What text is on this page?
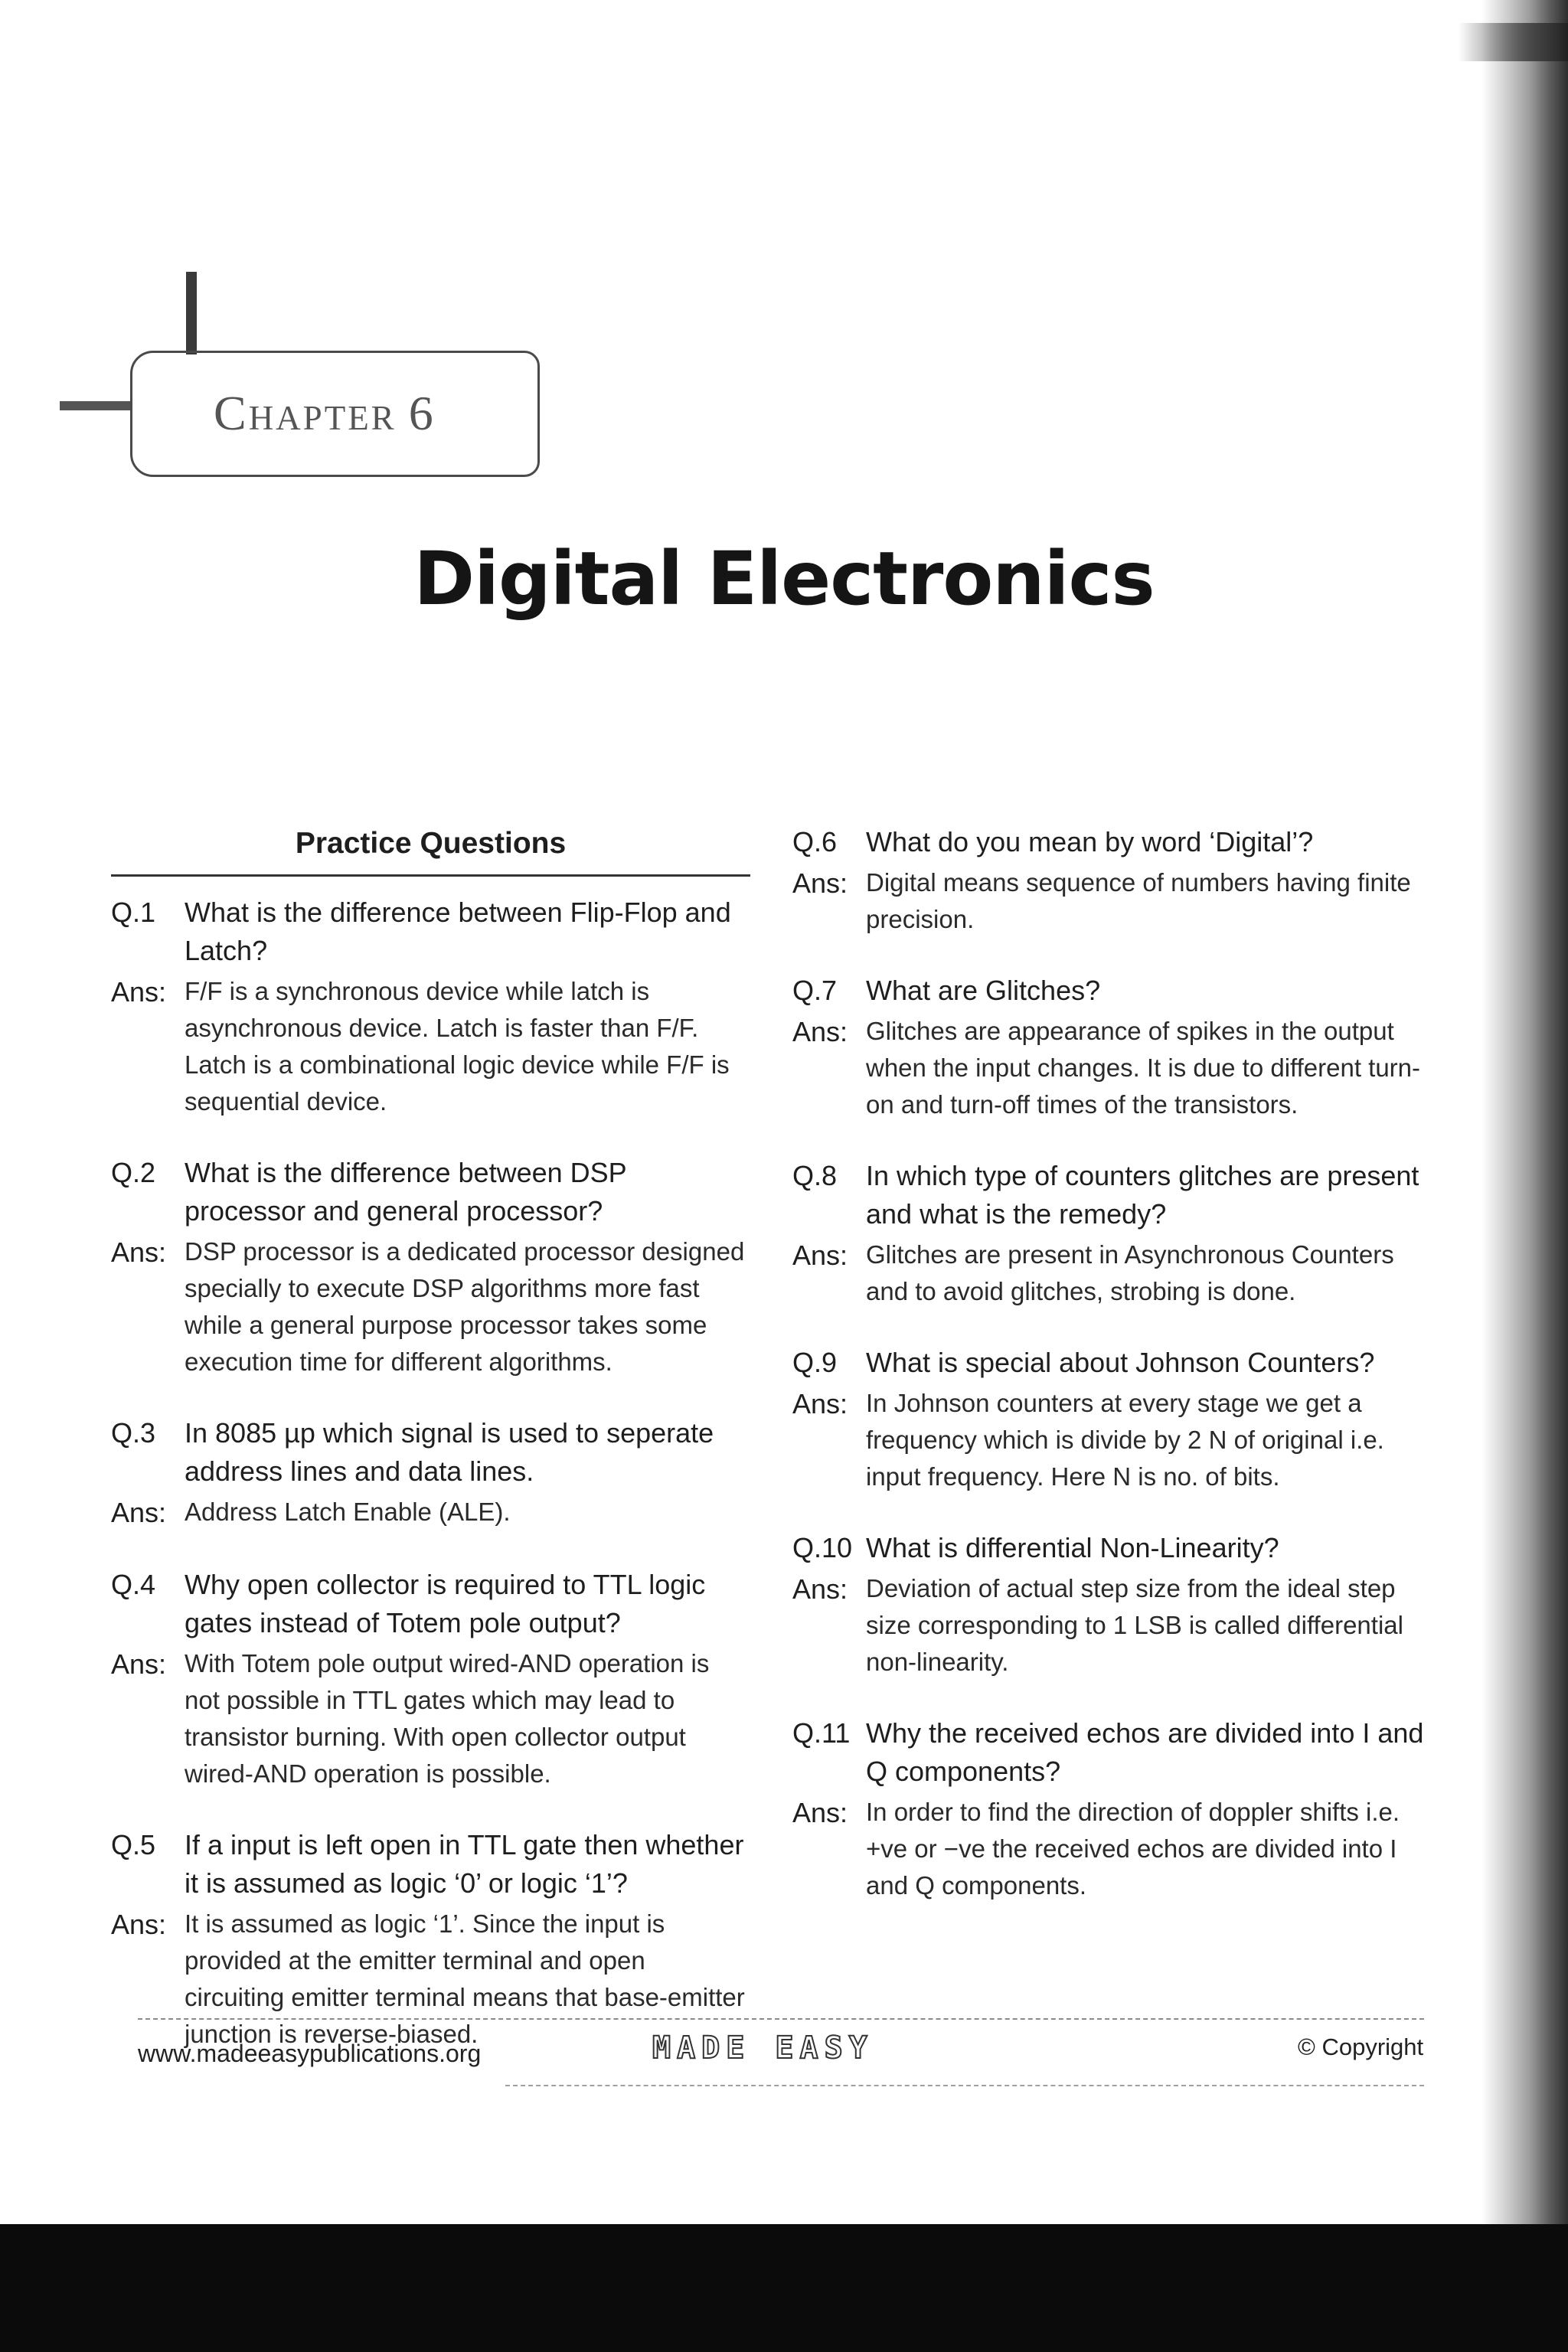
Chapter 6
Digital Electronics
Practice Questions
Q.1	What is the difference between Flip-Flop and Latch?
Ans: F/F is a synchronous device while latch is asynchronous device. Latch is faster than F/F. Latch is a combinational logic device while F/F is sequential device.
Q.2	What is the difference between DSP processor and general processor?
Ans: DSP processor is a dedicated processor designed specially to execute DSP algorithms more fast while a general purpose processor takes some execution time for different algorithms.
Q.3	In 8085 µp which signal is used to seperate address lines and data lines.
Ans: Address Latch Enable (ALE).
Q.4	Why open collector is required to TTL logic gates instead of Totem pole output?
Ans: With Totem pole output wired-AND operation is not possible in TTL gates which may lead to transistor burning. With open collector output wired-AND operation is possible.
Q.5	If a input is left open in TTL gate then whether it is assumed as logic ‘0’ or logic ‘1’?
Ans: It is assumed as logic ‘1’. Since the input is provided at the emitter terminal and open circuiting emitter terminal means that base-emitter junction is reverse-biased.
Q.6	What do you mean by word ‘Digital’?
Ans: Digital means sequence of numbers having finite precision.
Q.7	What are Glitches?
Ans: Glitches are appearance of spikes in the output when the input changes. It is due to different turn-on and turn-off times of the transistors.
Q.8	In which type of counters glitches are present and what is the remedy?
Ans: Glitches are present in Asynchronous Counters and to avoid glitches, strobing is done.
Q.9	What is special about Johnson Counters?
Ans: In Johnson counters at every stage we get a frequency which is divide by 2 N of original i.e. input frequency. Here N is no. of bits.
Q.10 What is differential Non-Linearity?
Ans: Deviation of actual step size from the ideal step size corresponding to 1 LSB is called differential non-linearity.
Q.11 Why the received echos are divided into I and Q components?
Ans: In order to find the direction of doppler shifts i.e. +ve or −ve the received echos are divided into I and Q components.
www.madeeasypublications.org	MADE EASY	© Copyright
